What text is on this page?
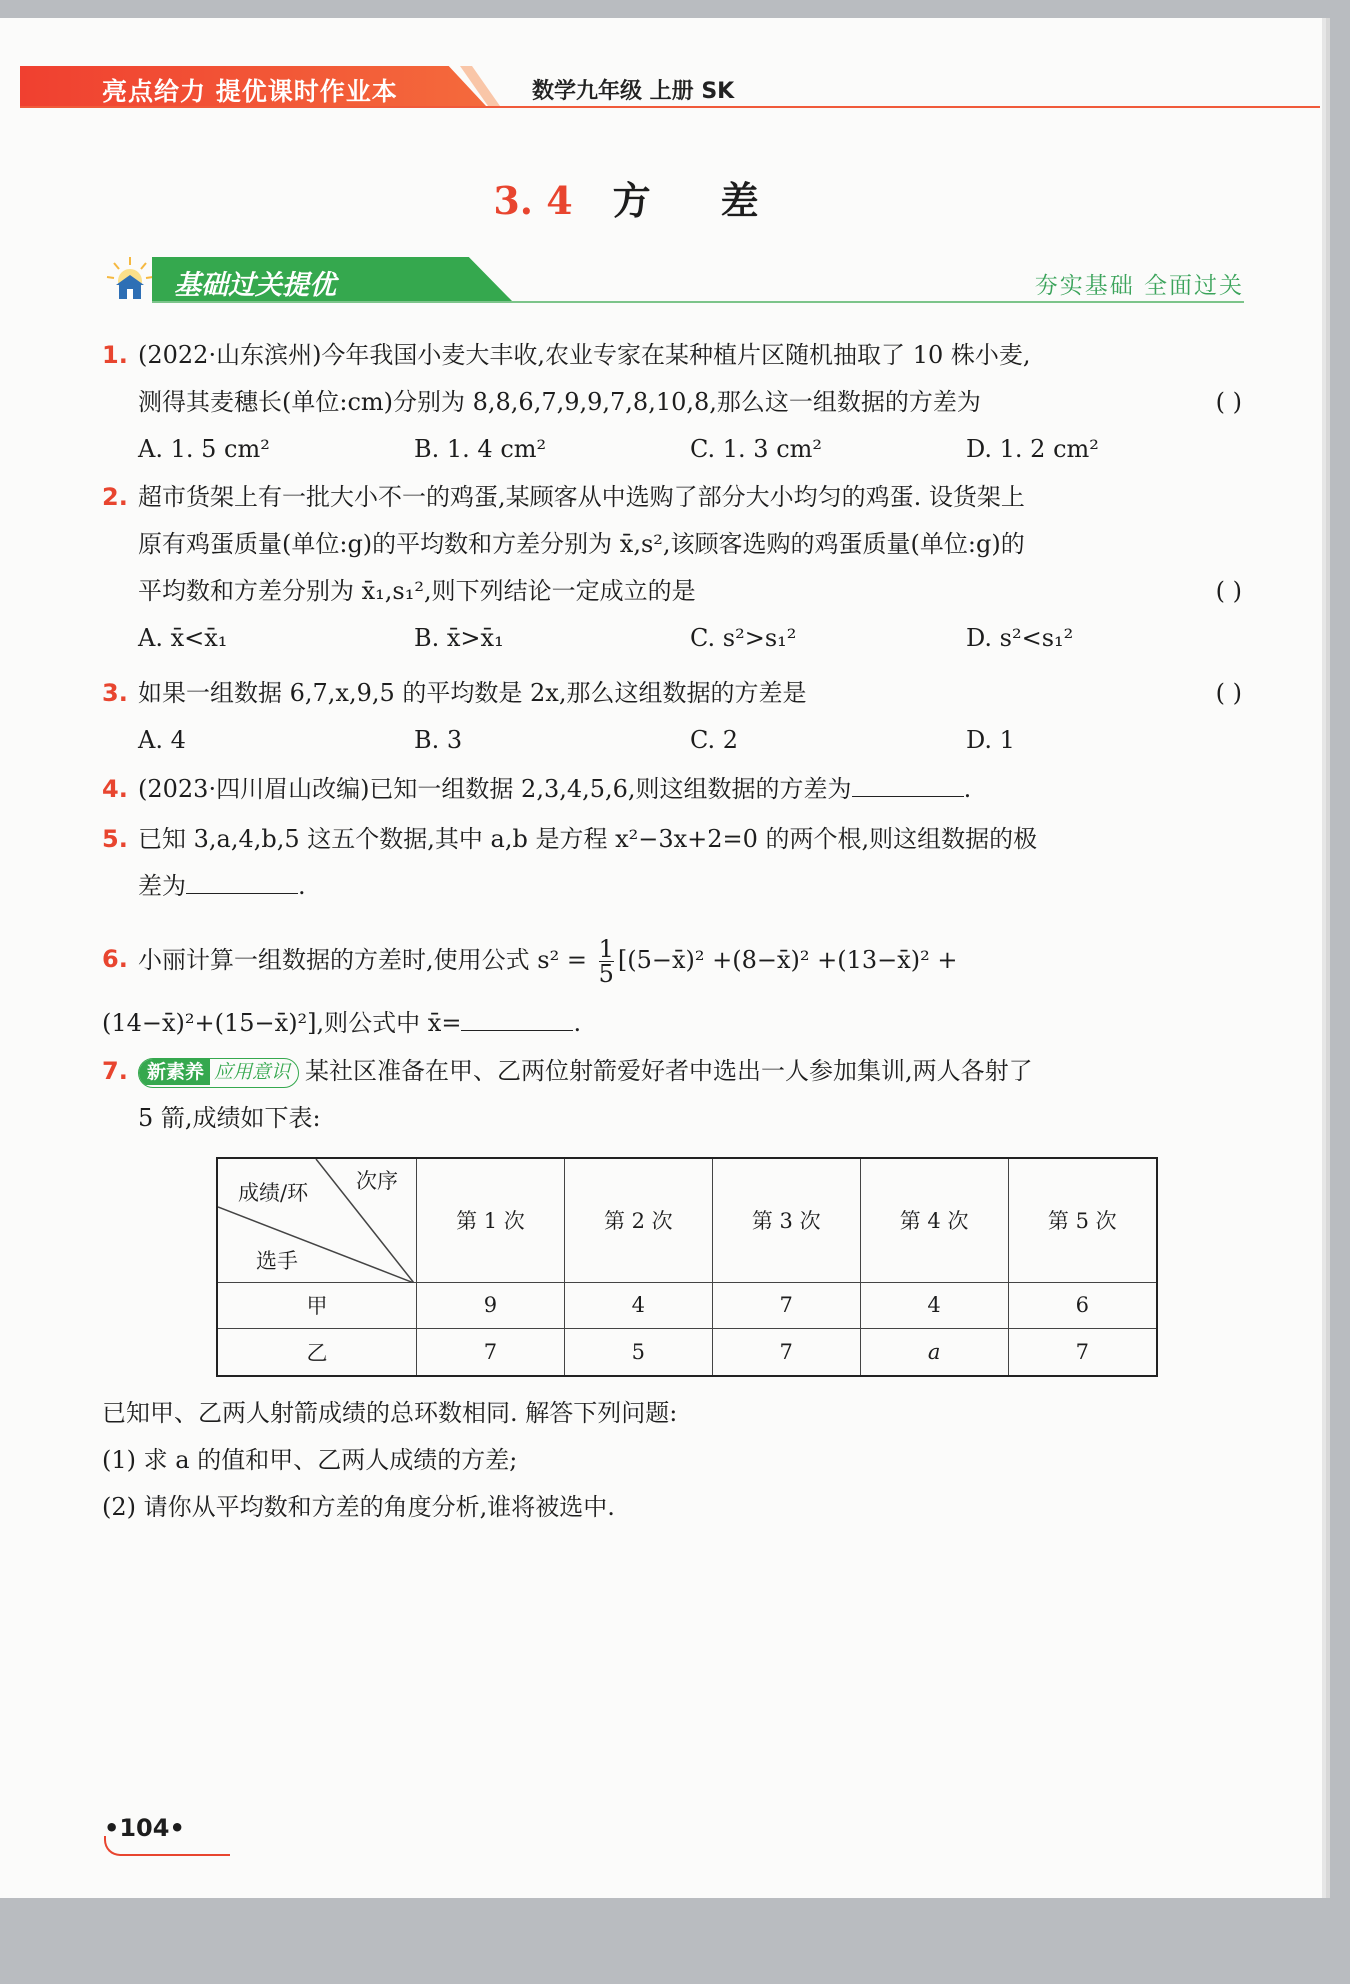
亮点给力 提优课时作业本	数学九年级 上册 SK
3. 4 方差
基础过关提优	夯实基础 全面过关
1. (2022·山东滨州)今年我国小麦大丰收,农业专家在某种植片区随机抽取了 10 株小麦,
测得其麦穗长(单位:cm)分别为 8,8,6,7,9,9,7,8,10,8,那么这一组数据的方差为	( )
A. 1. 5 cm²	B. 1. 4 cm²	C. 1. 3 cm²	D. 1. 2 cm²
2. 超市货架上有一批大小不一的鸡蛋,某顾客从中选购了部分大小均匀的鸡蛋. 设货架上
原有鸡蛋质量(单位:g)的平均数和方差分别为 x̄,s²,该顾客选购的鸡蛋质量(单位:g)的
平均数和方差分别为 x̄₁,s₁²,则下列结论一定成立的是	( )
A. x̄<x̄₁	B. x̄>x̄₁	C. s²>s₁²	D. s²<s₁²
3. 如果一组数据 6,7,x,9,5 的平均数是 2x,那么这组数据的方差是	( )
A. 4	B. 3	C. 2	D. 1
4. (2023·四川眉山改编)已知一组数据 2,3,4,5,6,则这组数据的方差为	.
5. 已知 3,a,4,b,5 这五个数据,其中 a,b 是方程 x²−3x+2=0 的两个根,则这组数据的极
差为	.
6. 小丽计算一组数据的方差时,使用公式 $s^2 = \frac{1}{5}$ [(5−x̄)² +(8−x̄)² +(13−x̄)² +
(14−x̄)²+(15−x̄)²],则公式中 x̄=	.
7.	新素养 应用意识 某社区准备在甲、乙两位射箭爱好者中选出一人参加集训,两人各射了
5 箭,成绩如下表:
次序
成绩/环
选手	第 1 次	第 2 次	第 3 次	第 4 次	第 5 次
甲	9	4	7	4	6
乙	7	5	7	a	7
已知甲、乙两人射箭成绩的总环数相同. 解答下列问题:
(1) 求 a 的值和甲、乙两人成绩的方差;
(2) 请你从平均数和方差的角度分析,谁将被选中.
•104•
